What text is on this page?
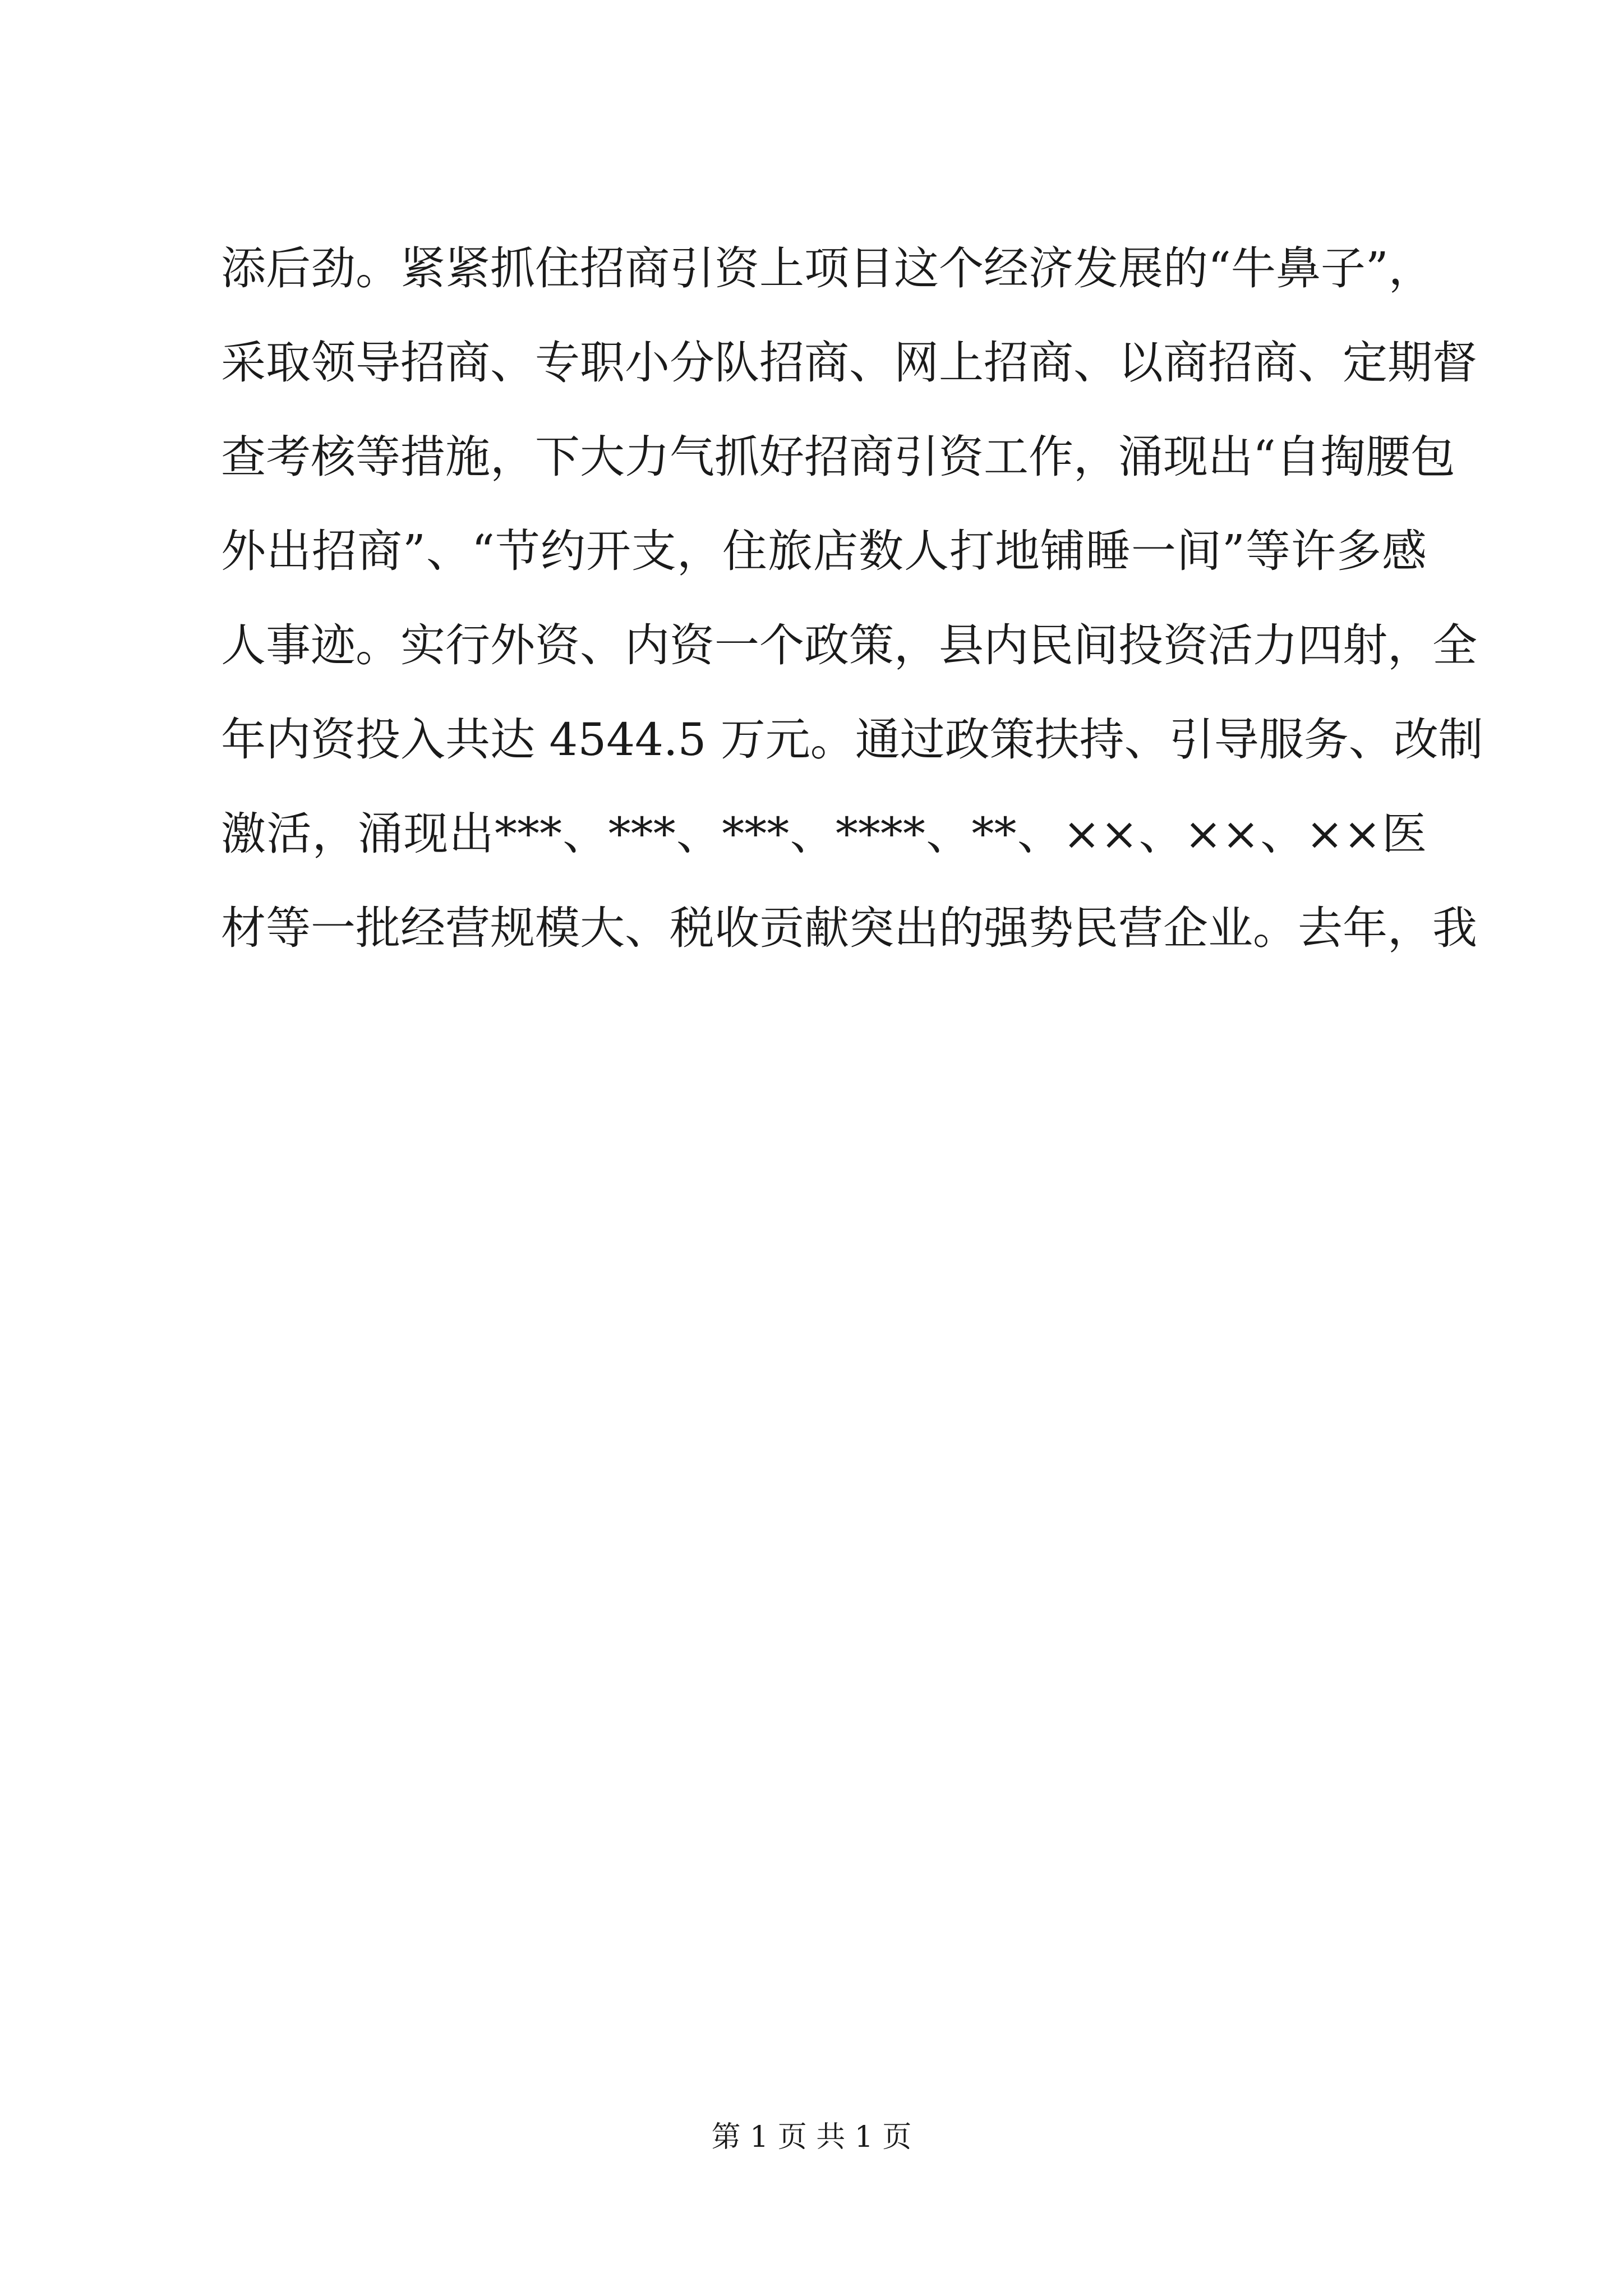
添后劲。紧紧抓住招商引资上项目这个经济发展的“牛鼻子”，
采取领导招商、专职小分队招商、网上招商、以商招商、定期督
查考核等措施，下大力气抓好招商引资工作，涌现出“自掏腰包
外出招商”、“节约开支，住旅店数人打地铺睡一间”等许多感
人事迹。实行外资、内资一个政策，县内民间投资活力四射，全
年内资投入共达 4544.5 万元。通过政策扶持、引导服务、改制
激活，涌现出***、***、***、****、**、××、××、××医
材等一批经营规模大、税收贡献突出的强势民营企业。去年，我
第 1 页 共 1 页
